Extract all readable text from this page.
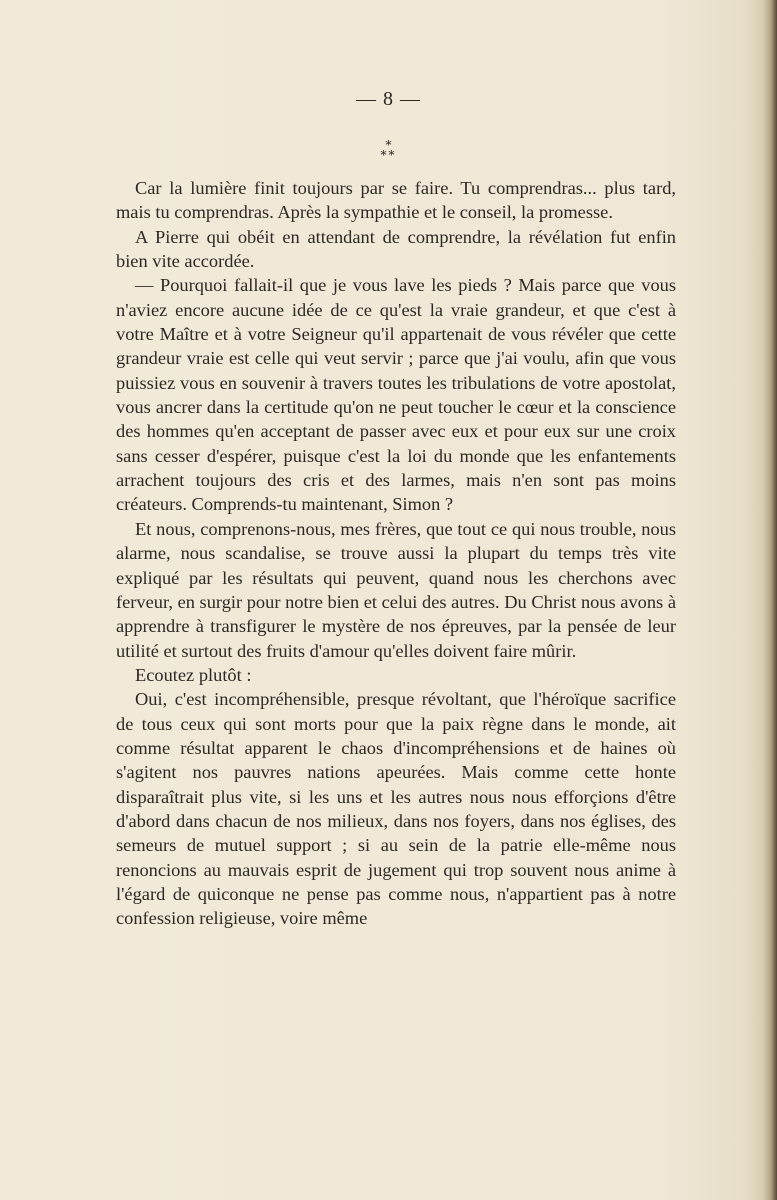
— 8 —
*
**

Car la lumière finit toujours par se faire. Tu comprendras... plus tard, mais tu comprendras. Après la sympathie et le conseil, la promesse.

A Pierre qui obéit en attendant de comprendre, la révélation fut enfin bien vite accordée.

— Pourquoi fallait-il que je vous lave les pieds ? Mais parce que vous n'aviez encore aucune idée de ce qu'est la vraie grandeur, et que c'est à votre Maître et à votre Seigneur qu'il appartenait de vous révéler que cette grandeur vraie est celle qui veut servir ; parce que j'ai voulu, afin que vous puissiez vous en souvenir à travers toutes les tribulations de votre apostolat, vous ancrer dans la certitude qu'on ne peut toucher le cœur et la conscience des hommes qu'en acceptant de passer avec eux et pour eux sur une croix sans cesser d'espérer, puisque c'est la loi du monde que les enfantements arrachent toujours des cris et des larmes, mais n'en sont pas moins créateurs. Comprends-tu maintenant, Simon ?

Et nous, comprenons-nous, mes frères, que tout ce qui nous trouble, nous alarme, nous scandalise, se trouve aussi la plupart du temps très vite expliqué par les résultats qui peuvent, quand nous les cherchons avec ferveur, en surgir pour notre bien et celui des autres. Du Christ nous avons à apprendre à transfigurer le mystère de nos épreuves, par la pensée de leur utilité et surtout des fruits d'amour qu'elles doivent faire mûrir.

Ecoutez plutôt :

Oui, c'est incompréhensible, presque révoltant, que l'héroïque sacrifice de tous ceux qui sont morts pour que la paix règne dans le monde, ait comme résultat apparent le chaos d'incompréhensions et de haines où s'agitent nos pauvres nations apeurées. Mais comme cette honte disparaîtrait plus vite, si les uns et les autres nous nous efforçions d'être d'abord dans chacun de nos milieux, dans nos foyers, dans nos églises, des semeurs de mutuel support ; si au sein de la patrie elle-même nous renoncions au mauvais esprit de jugement qui trop souvent nous anime à l'égard de quiconque ne pense pas comme nous, n'appartient pas à notre confession religieuse, voire même
